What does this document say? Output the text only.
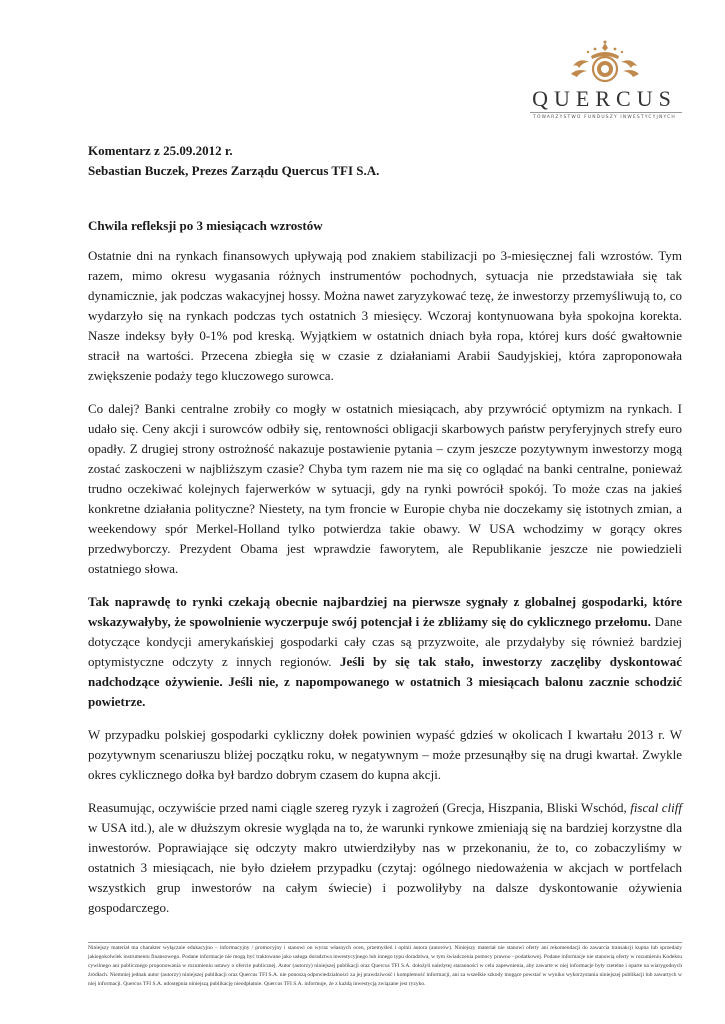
QUERCUS
TOWARZYSTWO FUNDUSZY INWESTYCYJNYCH

Komentarz z 25.09.2012 r.

Sebastian Buczek, Prezes Zarządu Quercus TFI S.A.

Chwila refleksji po 3 miesiącach wzrostów

Ostatnie dni na rynkach finansowych upływają pod znakiem stabilizacji po 3-miesięcznej fali wzrostów. Tym razem, mimo okresu wygasania różnych instrumentów pochodnych, sytuacja nie przedstawiała się tak dynamicznie, jak podczas wakacyjnej hossy. Można nawet zaryzykować tezę, że inwestorzy przemyśliwują to, co wydarzyło się na rynkach podczas tych ostatnich 3 miesięcy. Wczoraj kontynuowana była spokojna korekta. Nasze indeksy były 0-1% pod kreską. Wyjątkiem w ostatnich dniach była ropa, której kurs dość gwałtownie stracił na wartości. Przecena zbiegła się w czasie z działaniami Arabii Saudyjskiej, która zaproponowała zwiększenie podaży tego kluczowego surowca.

Co dalej? Banki centralne zrobiły co mogły w ostatnich miesiącach, aby przywrócić optymizm na rynkach. I udało się. Ceny akcji i surowców odbiły się, rentowności obligacji skarbowych państw peryferyjnych strefy euro opadły. Z drugiej strony ostrożność nakazuje postawienie pytania – czym jeszcze pozytywnym inwestorzy mogą zostać zaskoczeni w najbliższym czasie? Chyba tym razem nie ma się co oglądać na banki centralne, ponieważ trudno oczekiwać kolejnych fajerwerków w sytuacji, gdy na rynki powrócił spokój. To może czas na jakieś konkretne działania polityczne? Niestety, na tym froncie w Europie chyba nie doczekamy się istotnych zmian, a weekendowy spór Merkel-Holland tylko potwierdza takie obawy. W USA wchodzimy w gorący okres przedwyborczy. Prezydent Obama jest wprawdzie faworytem, ale Republikanie jeszcze nie powiedzieli ostatniego słowa.

Tak naprawdę to rynki czekają obecnie najbardziej na pierwsze sygnały z globalnej gospodarki, które wskazywałyby, że spowolnienie wyczerpuje swój potencjał i że zbliżamy się do cyklicznego przełomu. Dane dotyczące kondycji amerykańskiej gospodarki cały czas są przyzwoite, ale przydałyby się również bardziej optymistyczne odczyty z innych regionów. Jeśli by się tak stało, inwestorzy zaczęliby dyskontować nadchodzące ożywienie. Jeśli nie, z napompowanego w ostatnich 3 miesiącach balonu zacznie schodzić powietrze.

W przypadku polskiej gospodarki cykliczny dołek powinien wypaść gdzieś w okolicach I kwartału 2013 r. W pozytywnym scenariuszu bliżej początku roku, w negatywnym – może przesunąłby się na drugi kwartał. Zwykle okres cyklicznego dołka był bardzo dobrym czasem do kupna akcji.

Reasumując, oczywiście przed nami ciągle szereg ryzyk i zagrożeń (Grecja, Hiszpania, Bliski Wschód, fiscal cliff w USA itd.), ale w dłuższym okresie wygląda na to, że warunki rynkowe zmieniają się na bardziej korzystne dla inwestorów. Poprawiające się odczyty makro utwierdziłyby nas w przekonaniu, że to, co zobaczyliśmy w ostatnich 3 miesiącach, nie było dziełem przypadku (czytaj: ogólnego niedoważenia w akcjach w portfelach wszystkich grup inwestorów na całym świecie) i pozwoliłyby na dalsze dyskontowanie ożywienia gospodarczego.

Niniejszy materiał ma charakter wyłącznie edukacyjno – informacyjny / promocyjny i stanowi on wyraz własnych ocen, przemyśleń i opinii autora (autorów). Niniejszy materiał nie stanowi oferty ani rekomendacji do zawarcia transakcji kupna lub sprzedaży jakiegokolwiek instrumentu finansowego. Podane informacje nie mogą być traktowane jako usługa doradztwa inwestycyjnego lub innego typu doradztwa, w tym świadczenia pomocy prawno - podatkowej. Podane informacje nie stanowią oferty w rozumieniu Kodeksu cywilnego ani publicznego proponowania w rozumieniu ustawy o ofercie publicznej. Autor (autorzy) niniejszej publikacji oraz Quercus TFI S.A. dołożyli należytej staranności w celu zapewnienia, aby zawarte w niej informacje były rzetelne i oparte na wiarygodnych źródłach. Niemniej jednak autor (autorzy) niniejszej publikacji oraz Quercus TFI S.A. nie ponoszą odpowiedzialności za jej prawdziwość i kompletność informacji, ani za wszelkie szkody mogące powstać w wyniku wykorzystania niniejszej publikacji lub zawartych w niej informacji. Quercus TFI S.A. udostępnia niniejszą publikację nieodpłatnie. Quercus TFI S.A. informuje, że z każdą inwestycją związane jest ryzyko.
